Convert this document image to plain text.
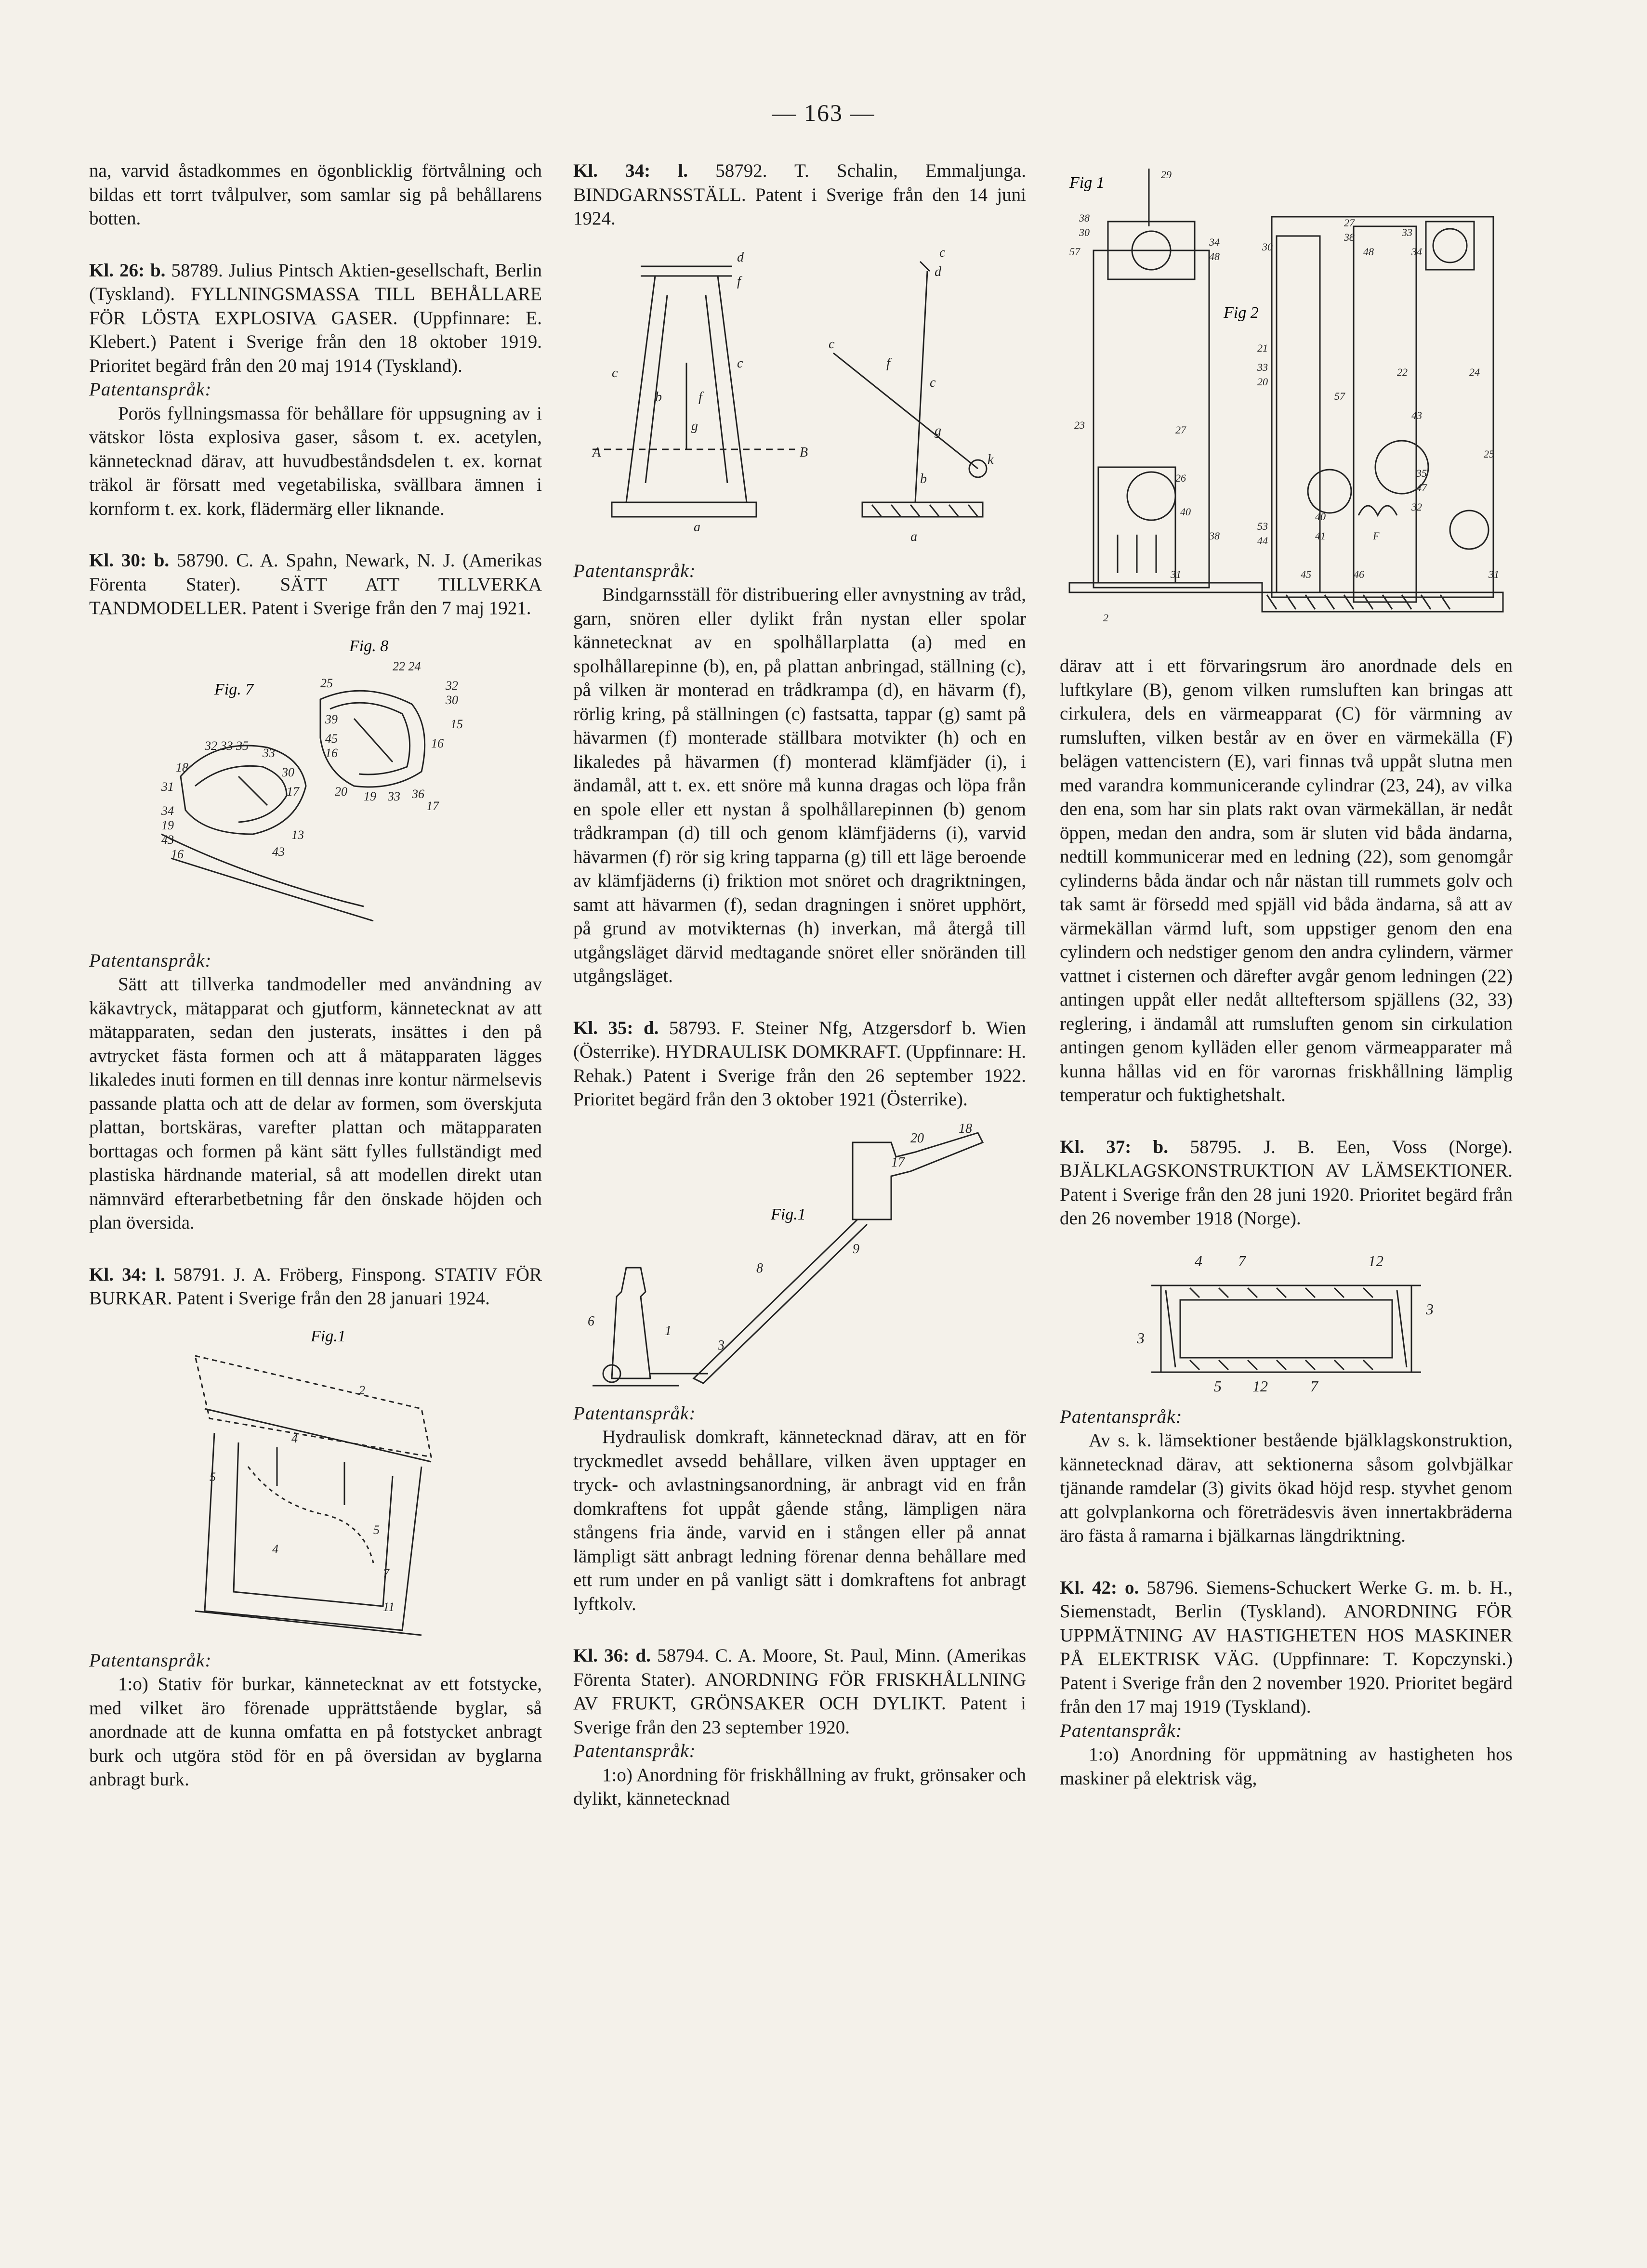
— 163 —

na, varvid åstadkommes en ögonblicklig förtvålning och bildas ett torrt tvålpulver, som samlar sig på behållarens botten.

Kl. 26: b. 58789. Julius Pintsch Aktien-gesellschaft, Berlin (Tyskland). FYLLNINGSMASSA TILL BEHÅLLARE FÖR LÖSTA EXPLOSIVA GASER. (Uppfinnare: E. Klebert.) Patent i Sverige från den 18 oktober 1919. Prioritet begärd från den 20 maj 1914 (Tyskland).

Patentanspråk:

Porös fyllningsmassa för behållare för uppsugning av i vätskor lösta explosiva gaser, såsom t. ex. acetylen, kännetecknad därav, att huvudbeståndsdelen t. ex. kornat träkol är försatt med vegetabiliska, svällbara ämnen i kornform t. ex. kork, flädermärg eller liknande.

Kl. 30: b. 58790. C. A. Spahn, Newark, N. J. (Amerikas Förenta Stater). SÄTT ATT TILLVERKA TANDMODELLER. Patent i Sverige från den 7 maj 1921.

Fig. 8
Fig. 7
22 24
25	32
30
15
16
39
45
16
20 19 33 36
17
32 33 35
18
31
33
30
17
34
19
43
16
13
43

Patentanspråk:

Sätt att tillverka tandmodeller med användning av käkavtryck, mätapparat och gjutform, kännetecknat av att mätapparaten, sedan den justerats, insättes i den på avtrycket fästa formen och att å mätapparaten lägges likaledes inuti formen en till dennas inre kontur närmelsevis passande platta och att de delar av formen, som överskjuta plattan, bortskäras, varefter plattan och mätapparaten borttagas och formen på känt sätt fylles fullständigt med plastiska härdnande material, så att modellen direkt utan nämnvärd efterarbetbetning får den önskade höjden och plan översida.

Kl. 34: l. 58791. J. A. Fröberg, Finspong. STATIV FÖR BURKAR. Patent i Sverige från den 28 januari 1924.

Fig.1
2
4
5
5
7
11
4

Patentanspråk:

1:o) Stativ för burkar, kännetecknat av ett fotstycke, med vilket äro förenade upprättstående byglar, så anordnade att de kunna omfatta en på fotstycket anbragt burk och utgöra stöd för en på översidan av byglarna anbragt burk.

Kl. 34: l. 58792. T. Schalin, Emmaljunga. BINDGARNSSTÄLL. Patent i Sverige från den 14 juni 1924.

d
f
c
c
b	f
g
A	B
a
c
d
c
f
c
g
k
b
a

Patentanspråk:

Bindgarnsställ för distribuering eller avnystning av tråd, garn, snören eller dylikt från nystan eller spolar kännetecknat av en spolhållarplatta (a) med en spolhållarepinne (b), en, på plattan anbringad, ställning (c), på vilken är monterad en trådkrampa (d), en hävarm (f), rörlig kring, på ställningen (c) fastsatta, tappar (g) samt på hävarmen (f) monterade ställbara motvikter (h) och en likaledes på hävarmen (f) monterad klämfjäder (i), i ändamål, att t. ex. ett snöre må kunna dragas och löpa från en spole eller ett nystan å spolhållarepinnen (b) genom trådkrampan (d) till och genom klämfjäderns (i), varvid hävarmen (f) rör sig kring tapparna (g) till ett läge beroende av klämfjäderns (i) friktion mot snöret och dragriktningen, samt att hävarmen (f), sedan dragningen i snöret upphört, på grund av motvikternas (h) inverkan, må återgå till utgångsläget därvid medtagande snöret eller snöränden till utgångsläget.

Kl. 35: d. 58793. F. Steiner Nfg, Atzgersdorf b. Wien (Österrike). HYDRAULISK DOMKRAFT. (Uppfinnare: H. Rehak.) Patent i Sverige från den 26 september 1922. Prioritet begärd från den 3 oktober 1921 (Österrike).

Fig.1
20
18
17
9
8
6
1
3

Patentanspråk:

Hydraulisk domkraft, kännetecknad därav, att en för tryckmedlet avsedd behållare, vilken även upptager en tryck- och avlastningsanordning, är anbragt vid en från domkraftens fot uppåt gående stång, lämpligen nära stångens fria ände, varvid en i stången eller på annat lämpligt sätt anbragt ledning förenar denna behållare med ett rum under en på vanligt sätt i domkraftens fot anbragt lyftkolv.

Kl. 36: d. 58794. C. A. Moore, St. Paul, Minn. (Amerikas Förenta Stater). ANORDNING FÖR FRISKHÅLLNING AV FRUKT, GRÖNSAKER OCH DYLIKT. Patent i Sverige från den 23 september 1920.

Patentanspråk:

1:o) Anordning för friskhållning av frukt, grönsaker och dylikt, kännetecknad

Fig 1
Fig 2
29
38
30
34
48
57
23	27
26
40
38
31
2
27
38
48
33
34
30
21
33
20
57
22	24
43
25
35
47
32
53
44
40
41	F
45	46	31

därav att i ett förvaringsrum äro anordnade dels en luftkylare (B), genom vilken rumsluften kan bringas att cirkulera, dels en värmeapparat (C) för värmning av rumsluften, vilken består av en över en värmekälla (F) belägen vattencistern (E), vari finnas två uppåt slutna men med varandra kommunicerande cylindrar (23, 24), av vilka den ena, som har sin plats rakt ovan värmekällan, är nedåt öppen, medan den andra, som är sluten vid båda ändarna, nedtill kommunicerar med en ledning (22), som genomgår cylinderns båda ändar och når nästan till rummets golv och tak samt är försedd med spjäll vid båda ändarna, så att av värmekällan värmd luft, som uppstiger genom den ena cylindern och nedstiger genom den andra cylindern, värmer vattnet i cisternen och därefter avgår genom ledningen (22) antingen uppåt eller nedåt allteftersom spjällens (32, 33) reglering, i ändamål att rumsluften genom sin cirkulation antingen genom kylläden eller genom värmeapparater må kunna hållas vid en för varornas friskhållning lämplig temperatur och fuktighetshalt.

Kl. 37: b. 58795. J. B. Een, Voss (Norge). BJÄLKLAGSKONSTRUKTION AV LÄMSEKTIONER. Patent i Sverige från den 28 juni 1920. Prioritet begärd från den 26 november 1918 (Norge).

4 7	12
3
3
5 12	7

Patentanspråk:

Av s. k. lämsektioner bestående bjälklagskonstruktion, kännetecknad därav, att sektionerna såsom golvbjälkar tjänande ramdelar (3) givits ökad höjd resp. styvhet genom att golvplankorna och företrädesvis även innertakbräderna äro fästa å ramarna i bjälkarnas längdriktning.

Kl. 42: o. 58796. Siemens-Schuckert Werke G. m. b. H., Siemenstadt, Berlin (Tyskland). ANORDNING FÖR UPPMÄTNING AV HASTIGHETEN HOS MASKINER PÅ ELEKTRISK VÄG. (Uppfinnare: T. Kopczynski.) Patent i Sverige från den 2 november 1920. Prioritet begärd från den 17 maj 1919 (Tyskland).

Patentanspråk:

1:o) Anordning för uppmätning av hastigheten hos maskiner på elektrisk väg,
